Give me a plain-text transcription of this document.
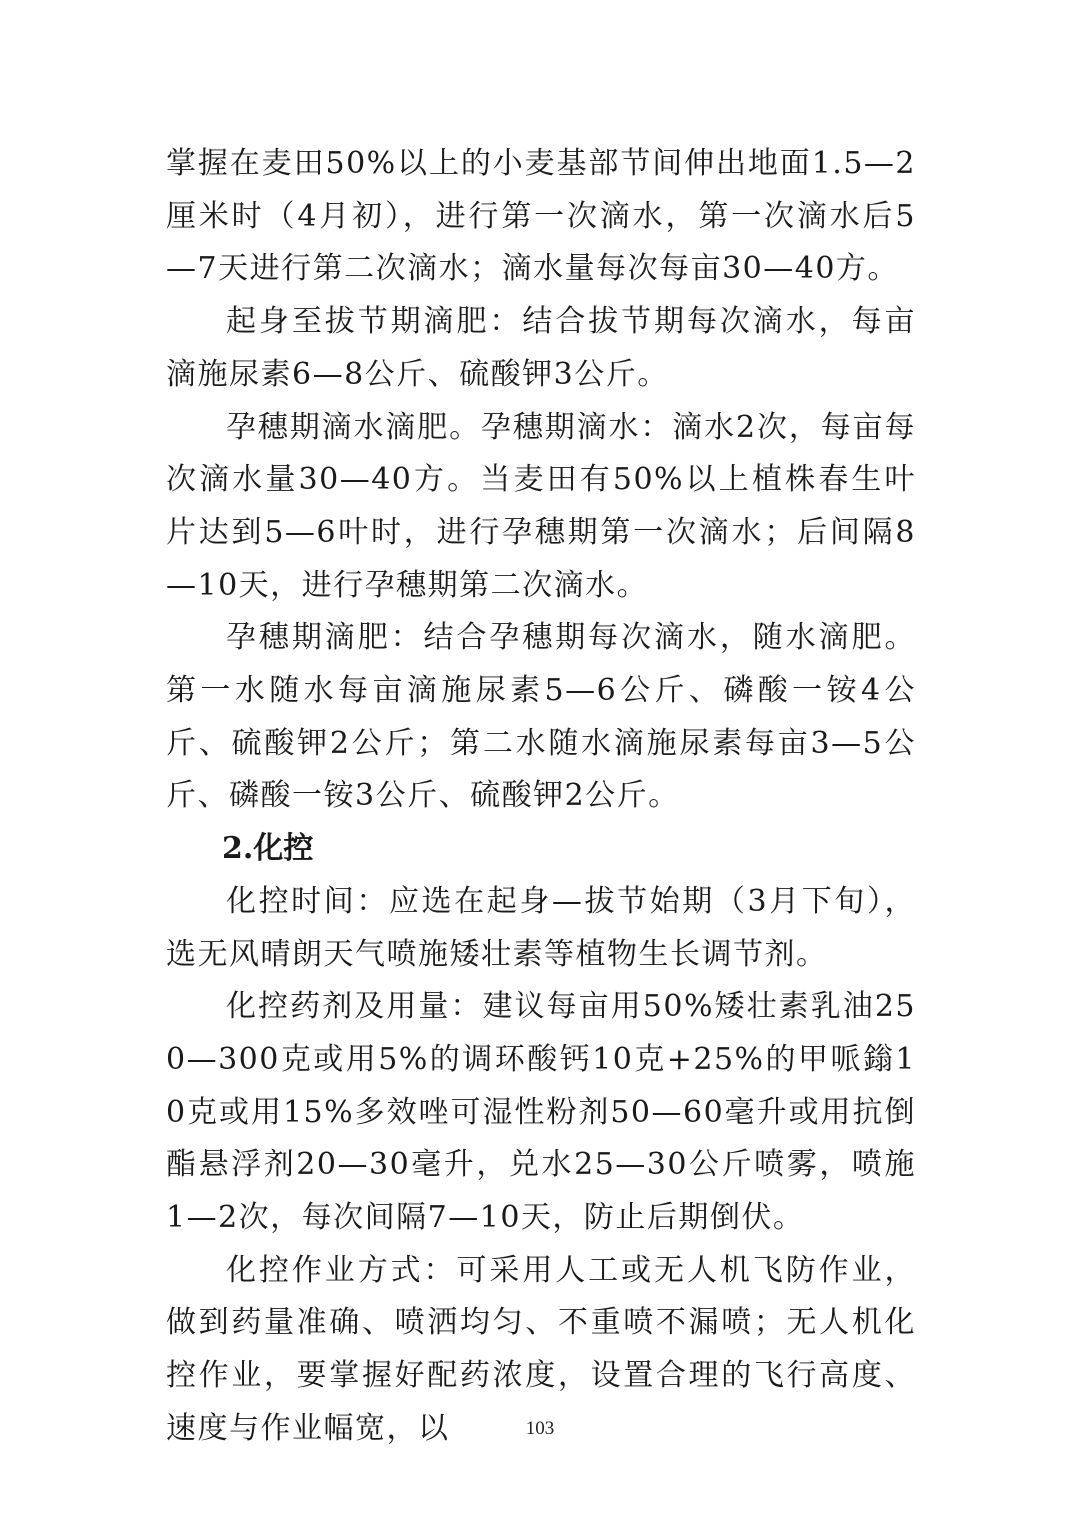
掌握在麦田50%以上的小麦基部节间伸出地面1.5—2厘米时（4月初），进行第一次滴水，第一次滴水后5—7天进行第二次滴水；滴水量每次每亩30—40方。

起身至拔节期滴肥：结合拔节期每次滴水，每亩滴施尿素6—8公斤、硫酸钾3公斤。

孕穗期滴水滴肥。孕穗期滴水：滴水2次，每亩每次滴水量30—40方。当麦田有50%以上植株春生叶片达到5—6叶时，进行孕穗期第一次滴水；后间隔8—10天，进行孕穗期第二次滴水。

孕穗期滴肥：结合孕穗期每次滴水，随水滴肥。第一水随水每亩滴施尿素5—6公斤、磷酸一铵4公斤、硫酸钾2公斤；第二水随水滴施尿素每亩3—5公斤、磷酸一铵3公斤、硫酸钾2公斤。

2.化控

化控时间：应选在起身—拔节始期（3月下旬），选无风晴朗天气喷施矮壮素等植物生长调节剂。

化控药剂及用量：建议每亩用50%矮壮素乳油250—300克或用5%的调环酸钙10克+25%的甲哌鎓10克或用15%多效唑可湿性粉剂50—60毫升或用抗倒酯悬浮剂20—30毫升，兑水25—30公斤喷雾，喷施1—2次，每次间隔7—10天，防止后期倒伏。

化控作业方式：可采用人工或无人机飞防作业，做到药量准确、喷洒均匀、不重喷不漏喷；无人机化控作业，要掌握好配药浓度，设置合理的飞行高度、速度与作业幅宽，以	103
